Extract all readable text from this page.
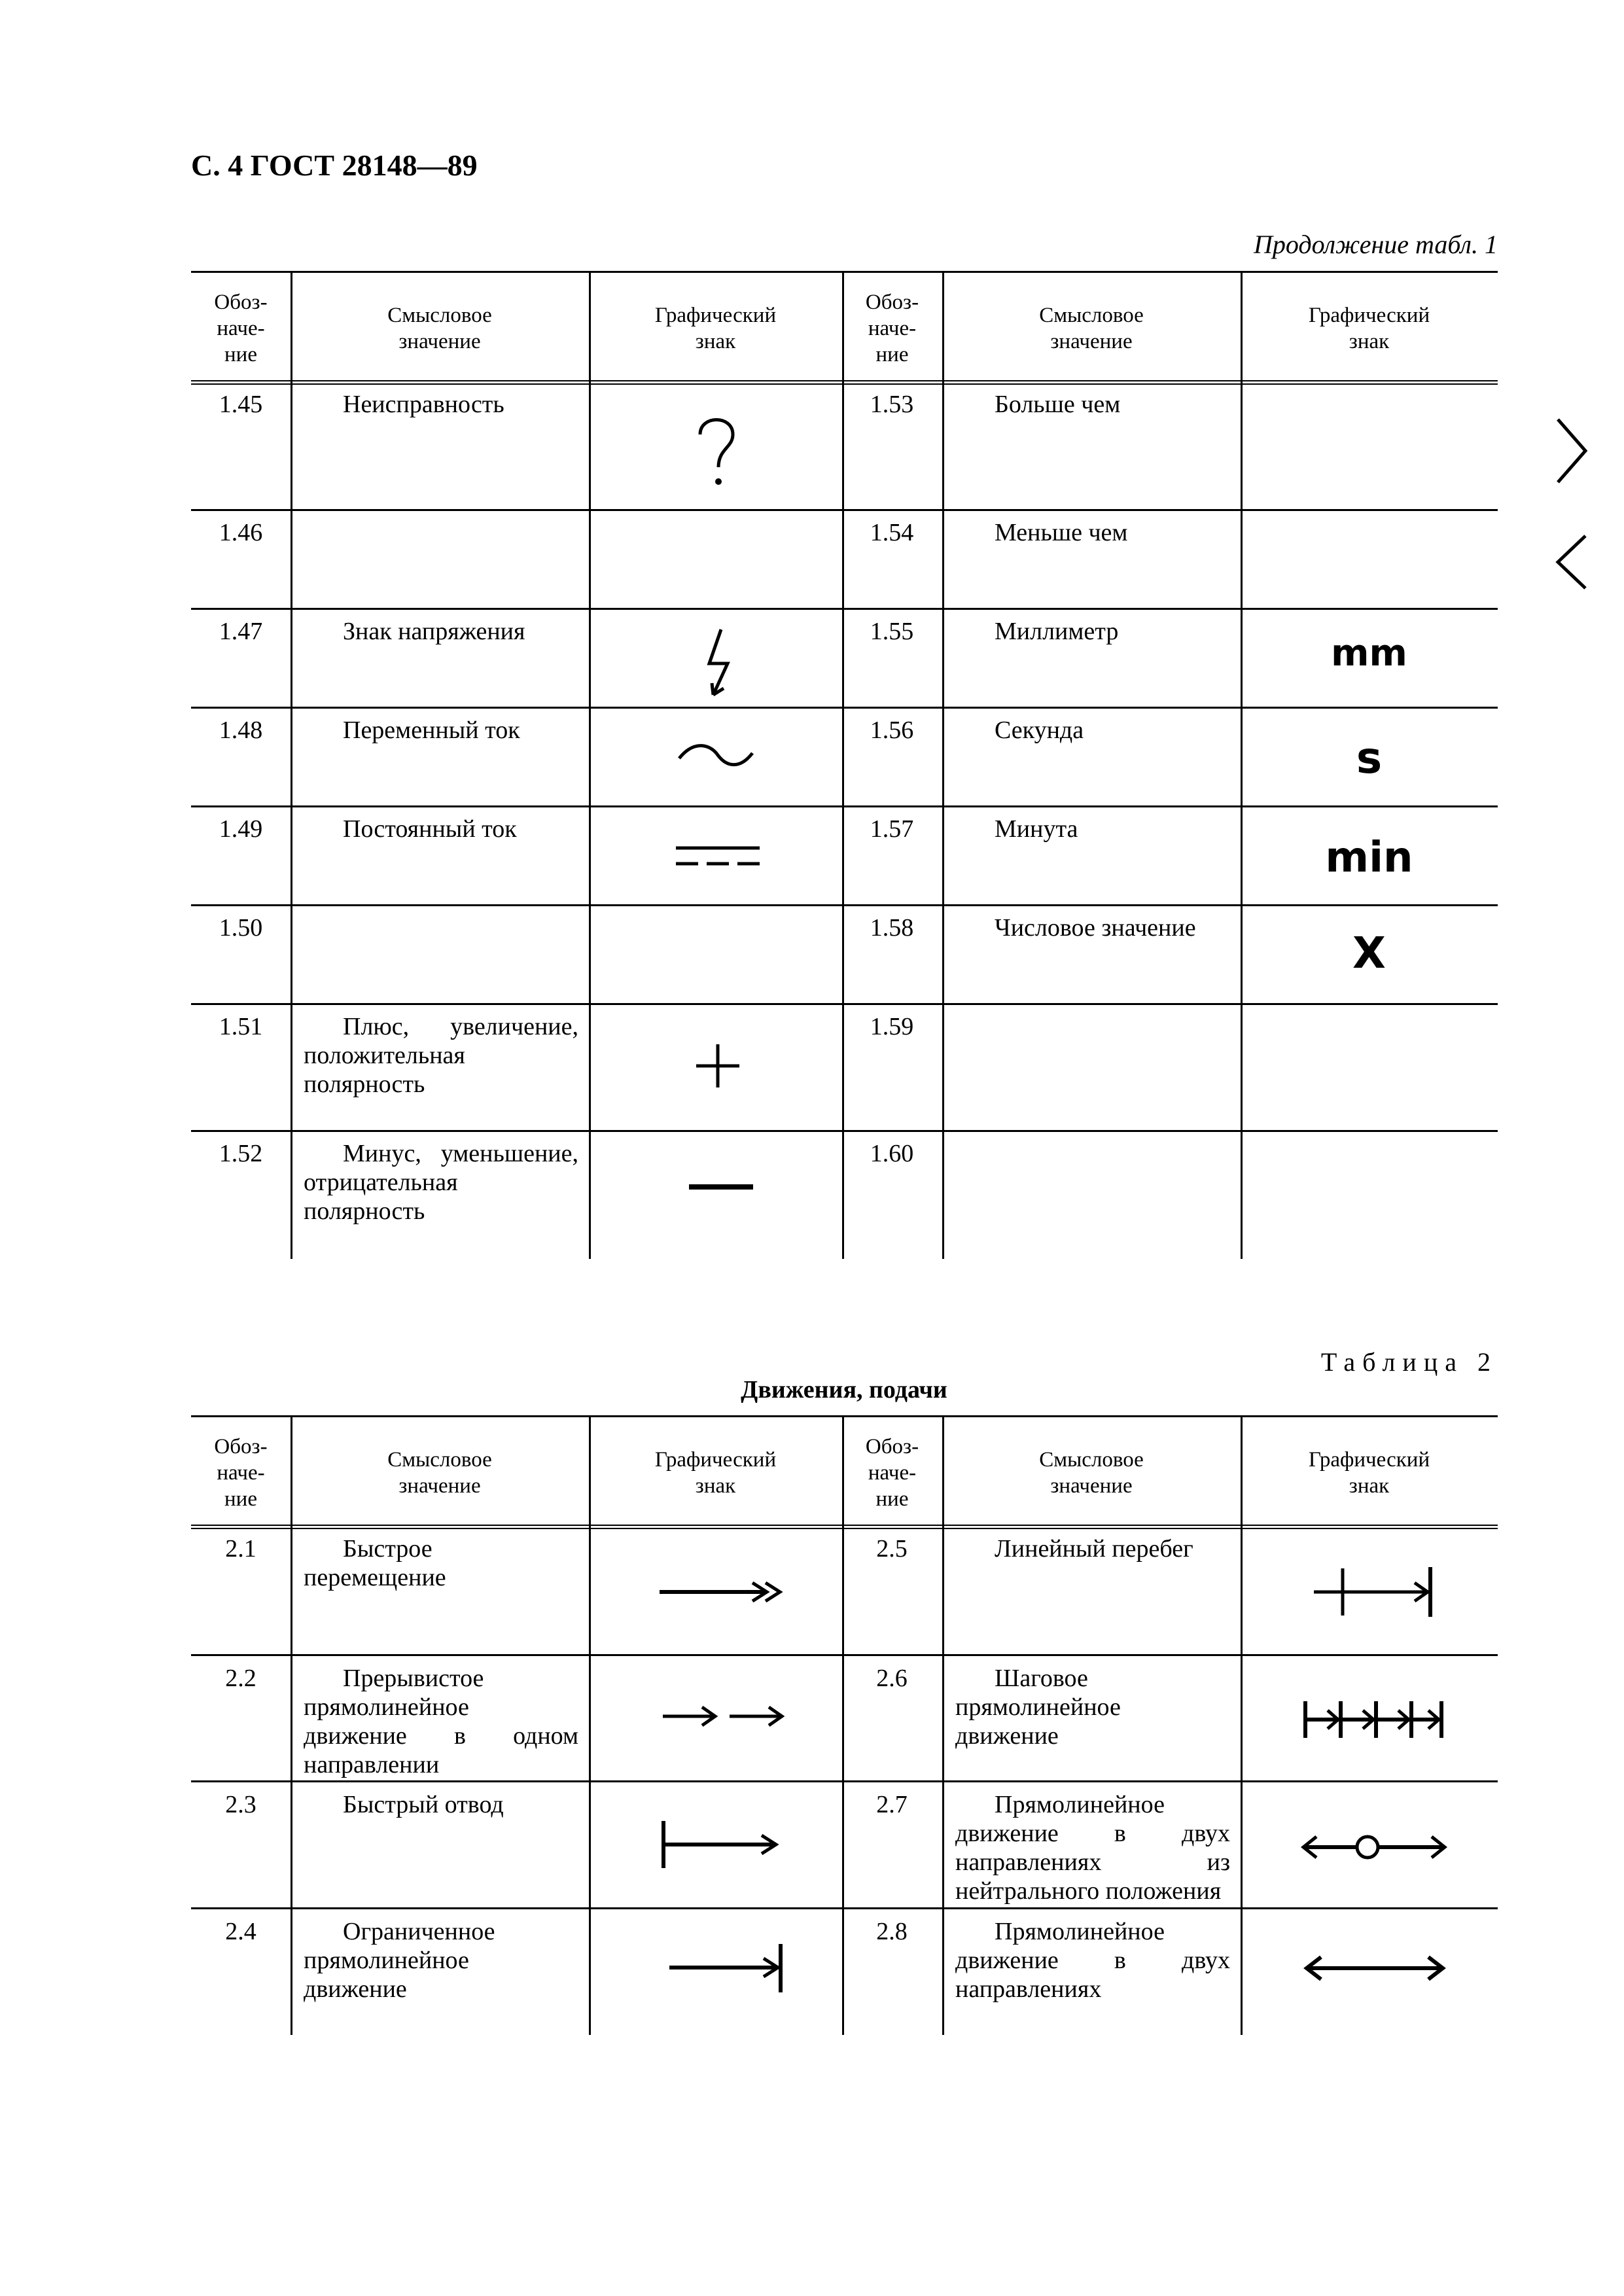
С. 4 ГОСТ 28148—89
Продолжение табл. 1
Обоз-
наче-
ние
Смысловое
значение
Графический
знак
Обоз-
наче-
ние
Смысловое
значение
Графический
знак
1.45
1.46
1.47
1.48
1.49
1.50
1.51
1.52
Неисправность
Знак напряжения
Переменный ток
Постоянный ток
Плюс, увеличение, положительная полярность
Минус, уменьшение, отрицательная полярность
1.53
1.54
1.55
1.56
1.57
1.58
1.59
1.60
Больше чем
Меньше чем
Миллиметр
Секунда
Минута
Числовое значение
mm
s
min
X
Таблица 2
Движения, подачи
Обоз-
наче-
ние
Смысловое
значение
Графический
знак
Обоз-
наче-
ние
Смысловое
значение
Графический
знак
2.1
2.2
2.3
2.4
Быстрое перемещение
Прерывистое прямолинейное движение в одном направлении
Быстрый отвод
Ограниченное прямолинейное движение
2.5
2.6
2.7
2.8
Линейный перебег
Шаговое прямолинейное движение
Прямолинейное движение в двух направлениях из нейтрального положения
Прямолинейное движение в двух направлениях
